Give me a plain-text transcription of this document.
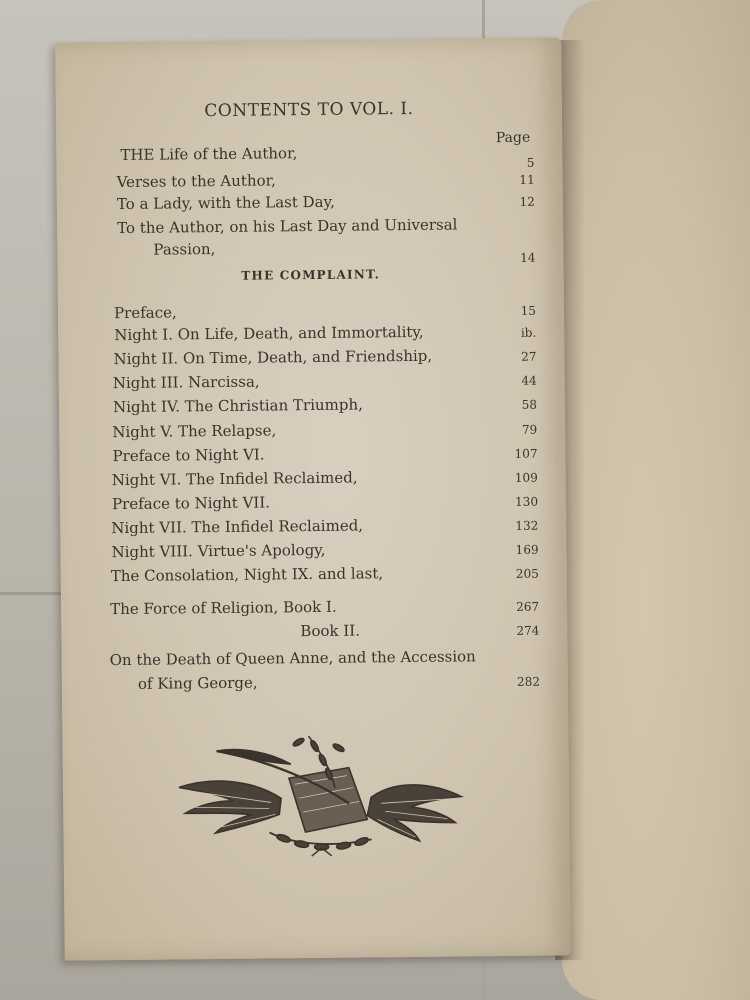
CONTENTS TO VOL. I.
Page
THE Life of the Author,	5
Verses to the Author,	11
To a Lady, with the Last Day,	12
To the Author, on his Last Day and Universal
Passion,	14
THE COMPLAINT.
Preface,	15
Night I. On Life, Death, and Immortality,	ib.
Night II. On Time, Death, and Friendship,	27
Night III. Narcissa,	44
Night IV. The Christian Triumph,	58
Night V. The Relapse,	79
Preface to Night VI.	107
Night VI. The Infidel Reclaimed,	109
Preface to Night VII.	130
Night VII. The Infidel Reclaimed,	132
Night VIII. Virtue's Apology,	169
The Consolation, Night IX. and last,	205
The Force of Religion, Book I.	267
Book II.	274
On the Death of Queen Anne, and the Accession
of King George,	282
